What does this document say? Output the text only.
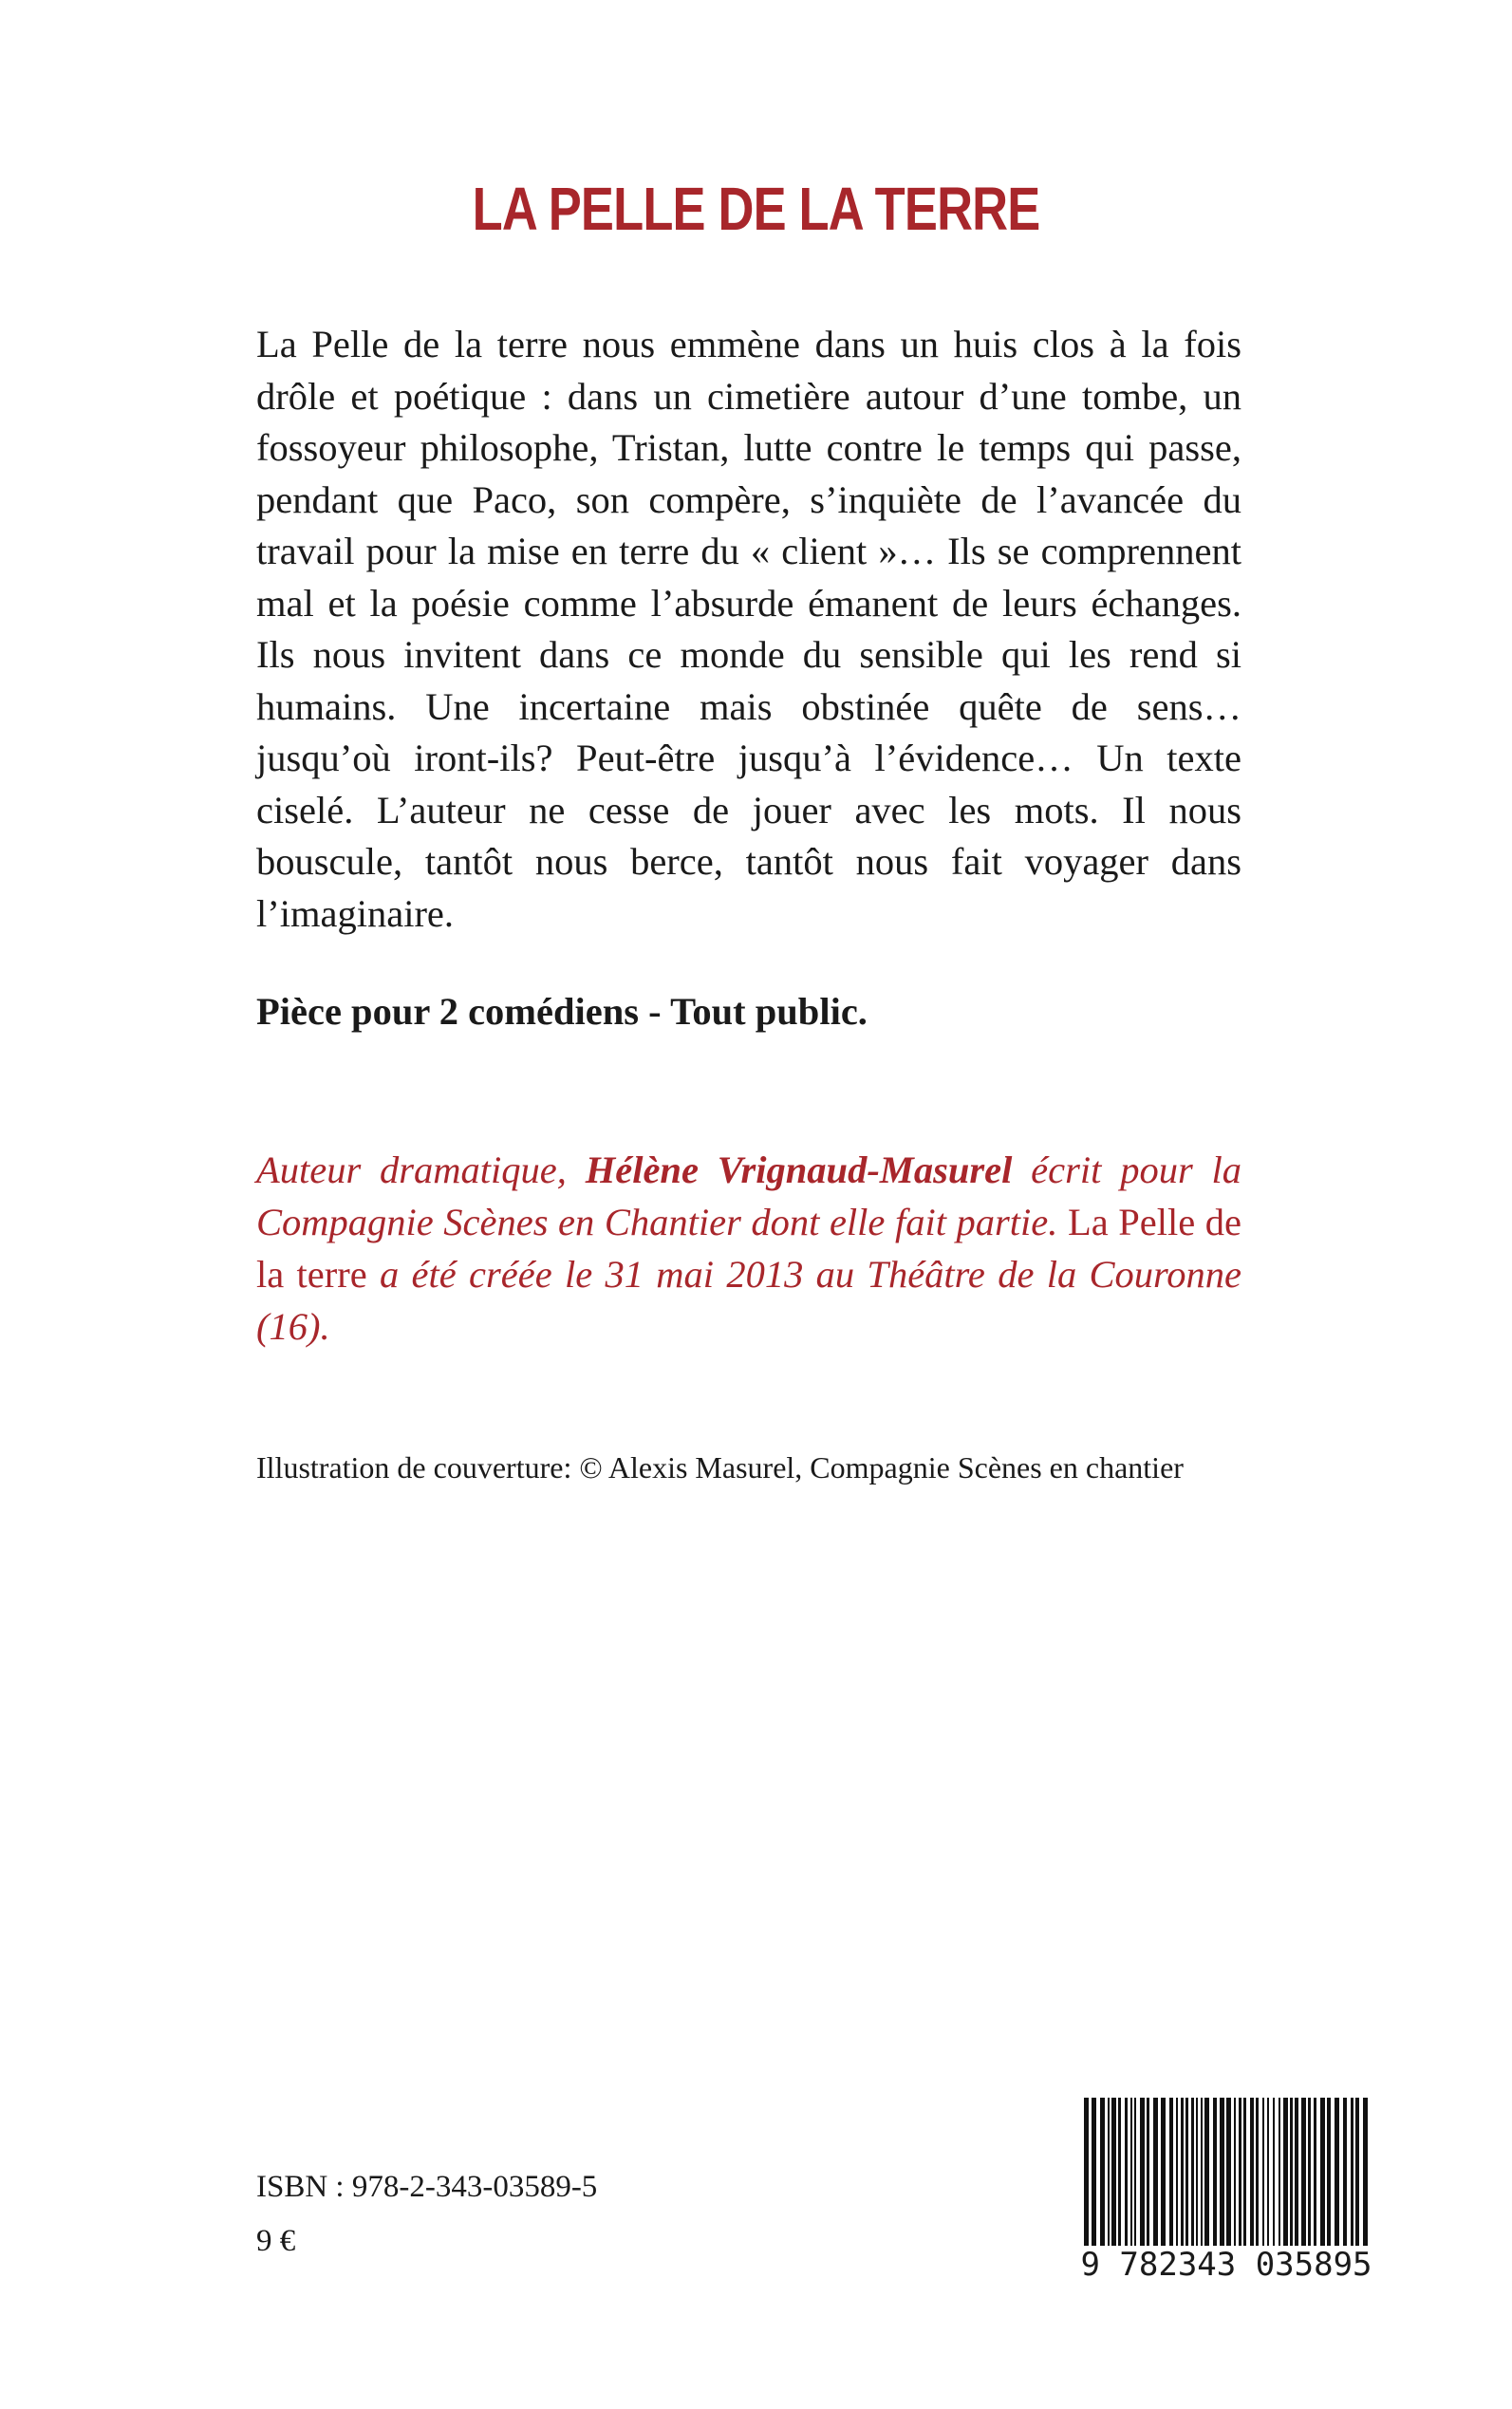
LA PELLE DE LA TERRE

La Pelle de la terre nous emmène dans un huis clos à la fois drôle et poétique : dans un cimetière autour d’une tombe, un fossoyeur philosophe, Tristan, lutte contre le temps qui passe, pendant que Paco, son compère, s’inquiète de l’avancée du travail pour la mise en terre du « client »… Ils se comprennent mal et la poésie comme l’absurde émanent de leurs échanges. Ils nous invitent dans ce monde du sensible qui les rend si humains. Une incertaine mais obstinée quête de sens… jusqu’où iront-ils? Peut-être jusqu’à l’évidence… Un texte ciselé. L’auteur ne cesse de jouer avec les mots. Il nous bouscule, tantôt nous berce, tantôt nous fait voyager dans l’imaginaire.

Pièce pour 2 comédiens - Tout public.

Auteur dramatique, Hélène Vrignaud-Masurel écrit pour la Compagnie Scènes en Chantier dont elle fait partie. La Pelle de la terre a été créée le 31 mai 2013 au Théâtre de la Couronne (16).

Illustration de couverture: © Alexis Masurel, Compagnie Scènes en chantier

ISBN : 978-2-343-03589-5

9 €

9 782343 035895
